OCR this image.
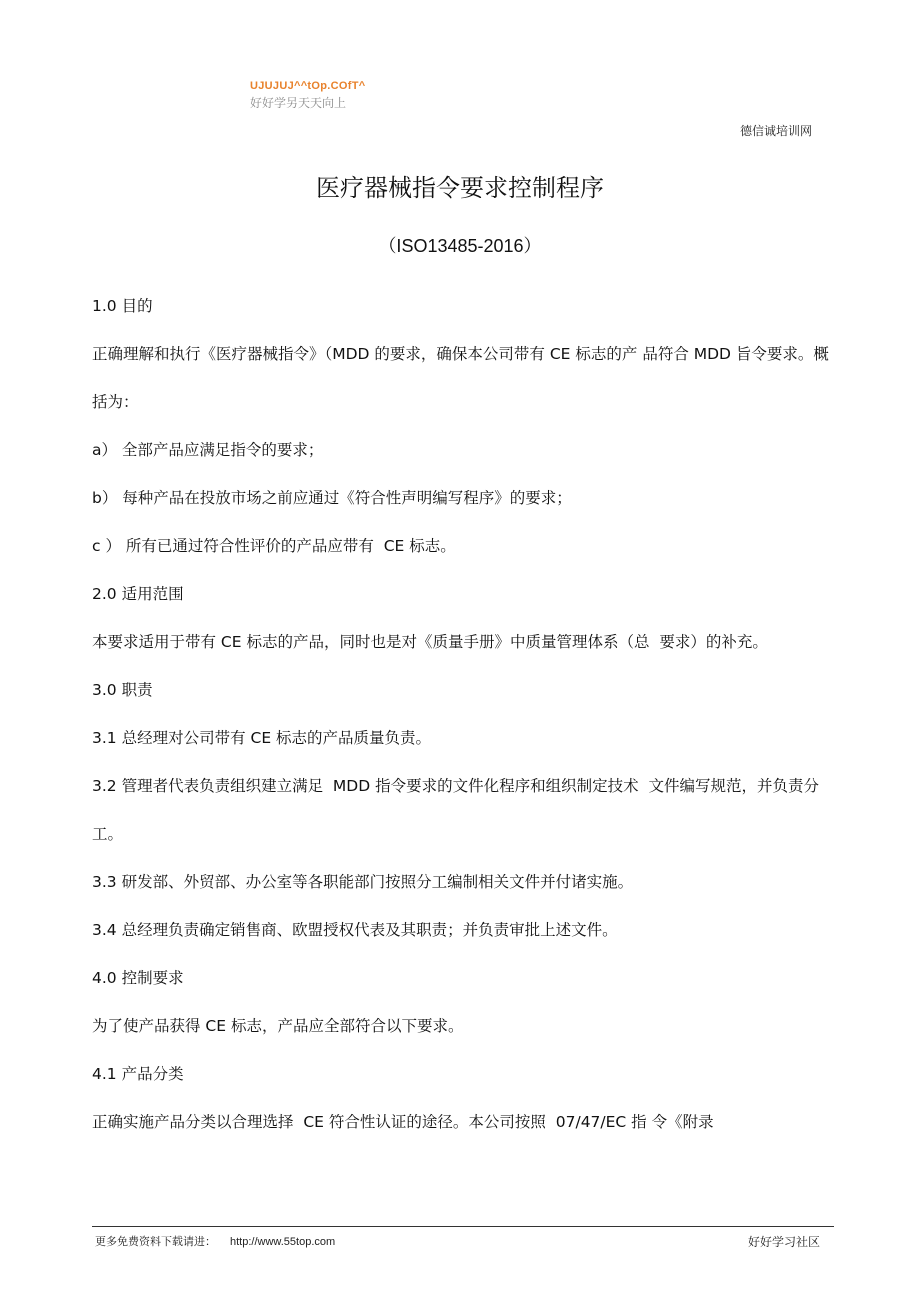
UJUJUJ^^tOp.COfT^
好好学另天天向上
德信诚培训网
医疗器械指令要求控制程序
（ISO13485-2016）
1.0 目的
正确理解和执行《医疗器械指令》（MDD 的要求，确保本公司带有 CE 标志的产 品符合 MDD 旨令要求。概括为：
a） 全部产品应满足指令的要求；
b） 每种产品在投放市场之前应通过《符合性声明编写程序》的要求；
c ） 所有已通过符合性评价的产品应带有  CE 标志。
2.0 适用范围
本要求适用于带有 CE 标志的产品，同时也是对《质量手册》中质量管理体系（总  要求）的补充。
3.0 职责
3.1 总经理对公司带有 CE 标志的产品质量负责。
3.2 管理者代表负责组织建立满足  MDD 指令要求的文件化程序和组织制定技术  文件编写规范，并负责分工。
3.3 研发部、外贸部、办公室等各职能部门按照分工编制相关文件并付诸实施。
3.4 总经理负责确定销售商、欧盟授权代表及其职责；并负责审批上述文件。
4.0 控制要求
为了使产品获得 CE 标志，产品应全部符合以下要求。
4.1 产品分类
正确实施产品分类以合理选择  CE 符合性认证的途径。本公司按照  07/47/EC 指 令《附录
更多免费资料下载请进： http://www.55top.com	好好学习社区
